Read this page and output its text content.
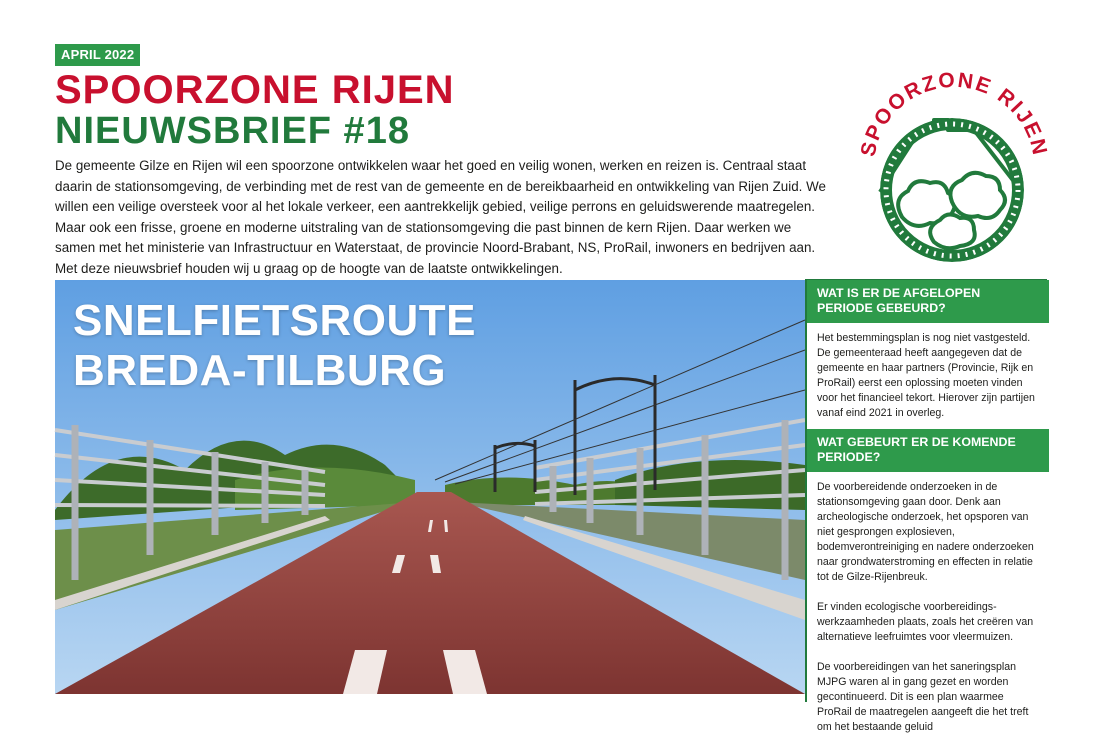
APRIL 2022
SPOORZONE RIJEN
NIEUWSBRIEF #18

De gemeente Gilze en Rijen wil een spoorzone ontwikkelen waar het goed en veilig wonen, werken en reizen is. Centraal staat daarin de stationsomgeving, de verbinding met de rest van de gemeente en de bereikbaarheid en ontwikkeling van Rijen Zuid. We willen een veilige oversteek voor al het lokale verkeer, een aantrekkelijk gebied, veilige perrons en geluidswerende maatregelen. Maar ook een frisse, groene en moderne uitstraling van de stationsomgeving die past binnen de kern Rijen. Daar werken we samen met het ministerie van Infrastructuur en Waterstaat, de provincie Noord-Brabant, NS, ProRail, inwoners en bedrijven aan. Met deze nieuwsbrief houden wij u graag op de hoogte van de laatste ontwikkelingen.

SPOORZONE RIJEN
SNELFIETSROUTE
BREDA-TILBURG
WAT IS ER DE AFGELOPEN PERIODE GEBEURD?

Het bestemmingsplan is nog niet vastgesteld. De gemeenteraad heeft aangegeven dat de gemeente en haar partners (Provincie, Rijk en ProRail) eerst een oplossing moeten vinden voor het financieel tekort. Hierover zijn partijen vanaf eind 2021 in overleg.

WAT GEBEURT ER DE KOMENDE PERIODE?

De voorbereidende onderzoeken in de stationsomgeving gaan door. Denk aan archeologische onderzoek, het opsporen van niet gesprongen explosieven, bodemverontreiniging en nadere onderzoeken naar grondwaterstroming en effecten in relatie tot de Gilze-Rijenbreuk.

Er vinden ecologische voorbereidings-werkzaamheden plaats, zoals het creëren van alternatieve leefruimtes voor vleermuizen.

De voorbereidingen van het saneringsplan MJPG waren al in gang gezet en worden gecontinueerd. Dit is een plan waarmee ProRail de maatregelen aangeeft die het treft om het bestaande geluid
